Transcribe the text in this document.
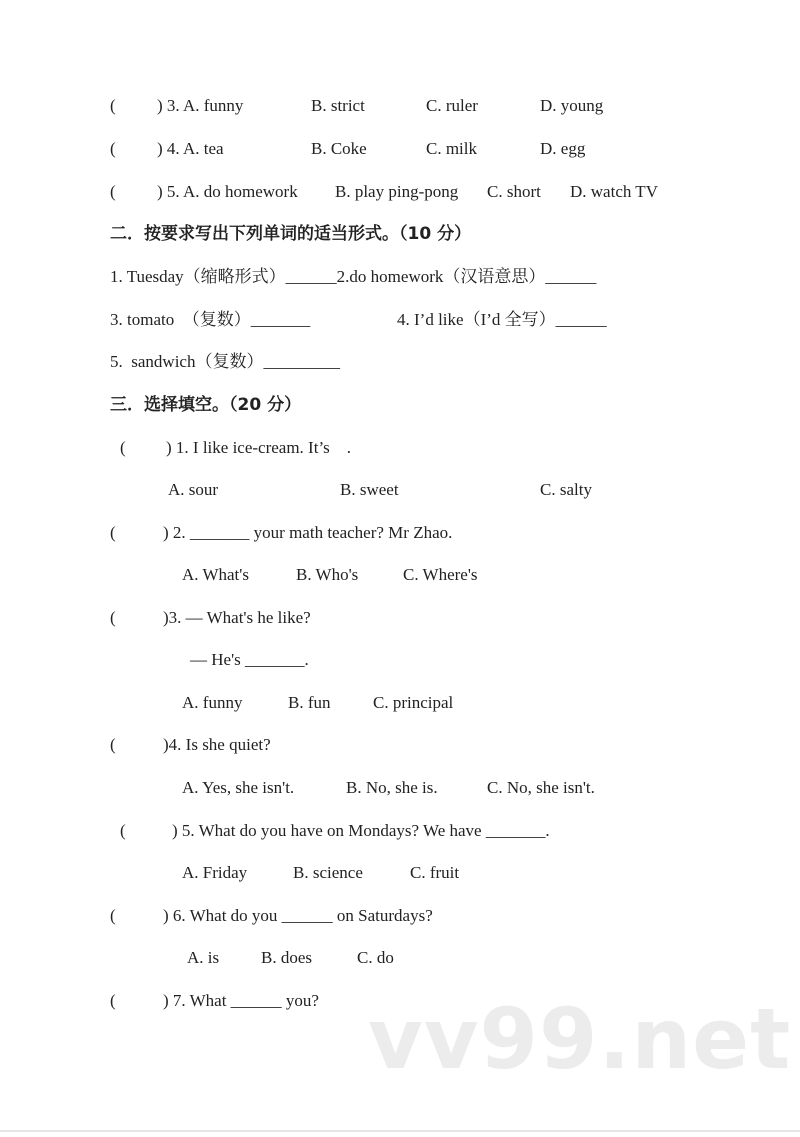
vv99.net
( ) 3. A. funny	B. strict	C. ruler	D. young
( ) 4. A. tea	B. Coke	C. milk	D. egg
( ) 5. A. do homework B. play ping-pong C. short D. watch TV
二．按要求写出下列单词的适当形式。（10 分）
1. Tuesday（缩略形式）______2.do homework（汉语意思）______
3. tomato  （复数）_______	4. I’d like（I’d 全写）______
5.  sandwich（复数）_________
三．选择填空。（20 分）
( ) 1. I like ice-cream. It’s    .
A. sour	B. sweet	C. salty
(	) 2. _______ your math teacher? Mr Zhao.
A. What's	B. Who's	C. Where's
(	)3. — What's he like?
— He's _______.
A. funny	B. fun	C. principal
(	)4. Is she quiet?
A. Yes, she isn't.	B. No, she is.	C. No, she isn't.
(	) 5. What do you have on Mondays? We have _______.
A. Friday	B. science	C. fruit
(	) 6. What do you ______ on Saturdays?
A. is B. does	C. do
(	) 7. What ______ you?
